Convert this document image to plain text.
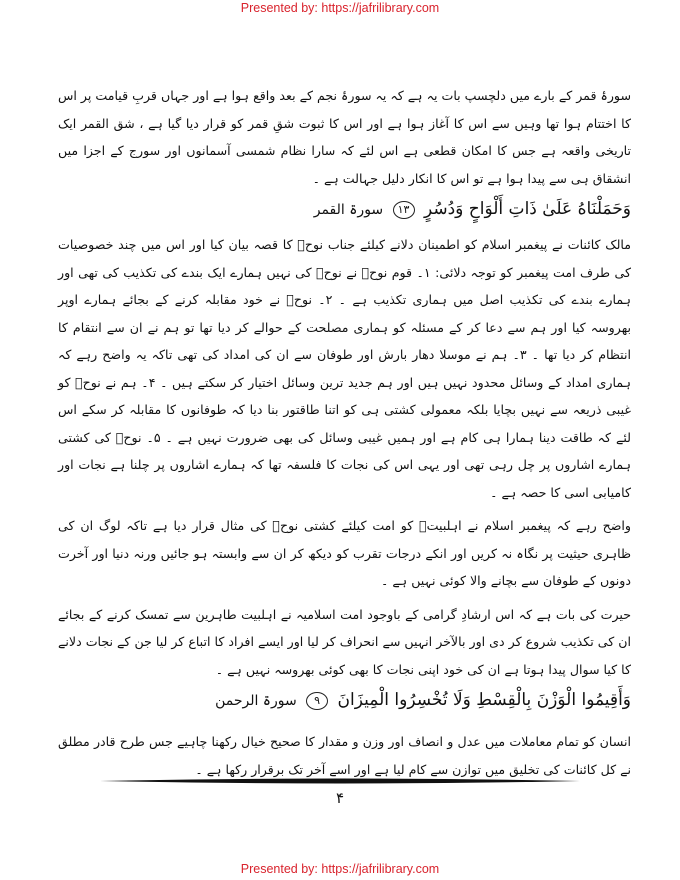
Presented by: https://jafrilibrary.com

سورۂ قمر کے بارے میں دلچسپ بات یہ ہے کہ یہ سورۂ نجم کے بعد واقع ہوا ہے اور جہاں قربِ قیامت پر اس کا اختتام ہوا تھا وہیں سے اس کا آغاز ہوا ہے اور اس کا ثبوت شقِ قمر کو قرار دیا گیا ہے ، شق القمر ایک تاریخی واقعہ ہے جس کا امکان قطعی ہے اس لئے کہ سارا نظام شمسی آسمانوں اور سورج کے اجزا میں انشقاق ہی سے پیدا ہوا ہے تو اس کا انکار دلیل جہالت ہے ۔

وَحَمَلْنَاهُ عَلَىٰ ذَاتِ أَلْوَاحٍ وَدُسُرٍ ١٣ سورۃ القمر

مالک کائنات نے پیغمبر اسلام کو اطمینان دلانے کیلئے جناب نوحؑ کا قصہ بیان کیا اور اس میں چند خصوصیات کی طرف امت پیغمبر کو توجہ دلائی: ۱۔ قوم نوحؑ نے نوحؑ کی نہیں ہمارے ایک بندے کی تکذیب کی تھی اور ہمارے بندے کی تکذیب اصل میں ہماری تکذیب ہے ۔ ۲۔ نوحؑ نے خود مقابلہ کرنے کے بجائے ہمارے اوپر بھروسہ کیا اور ہم سے دعا کر کے مسئلہ کو ہماری مصلحت کے حوالے کر دیا تھا تو ہم نے ان سے انتقام کا انتظام کر دیا تھا ۔ ۳۔ ہم نے موسلا دھار بارش اور طوفان سے ان کی امداد کی تھی تاکہ یہ واضح رہے کہ ہماری امداد کے وسائل محدود نہیں ہیں اور ہم جدید ترین وسائل اختیار کر سکتے ہیں ۔ ۴۔ ہم نے نوحؑ کو غیبی ذریعہ سے نہیں بچایا بلکہ معمولی کشتی ہی کو اتنا طاقتور بنا دیا کہ طوفانوں کا مقابلہ کر سکے اس لئے کہ طاقت دینا ہمارا ہی کام ہے اور ہمیں غیبی وسائل کی بھی ضرورت نہیں ہے ۔ ۵۔ نوحؑ کی کشتی ہمارے اشاروں پر چل رہی تھی اور یہی اس کی نجات کا فلسفہ تھا کہ ہمارے اشاروں پر چلنا ہے نجات اور کامیابی اسی کا حصہ ہے ۔

واضح رہے کہ پیغمبر اسلام نے اہلبیتؑ کو امت کیلئے کشتی نوحؑ کی مثال قرار دیا ہے تاکہ لوگ ان کی ظاہری حیثیت پر نگاہ نہ کریں اور انکے درجات تقرب کو دیکھ کر ان سے وابستہ ہو جائیں ورنہ دنیا اور آخرت دونوں کے طوفان سے بچانے والا کوئی نہیں ہے ۔

حیرت کی بات ہے کہ اس ارشادِ گرامی کے باوجود امت اسلامیہ نے اہلبیت طاہرین سے تمسک کرنے کے بجائے ان کی تکذیب شروع کر دی اور بالآخر انہیں سے انحراف کر لیا اور ایسے افراد کا اتباع کر لیا جن کے نجات دلانے کا کیا سوال پیدا ہوتا ہے ان کی خود اپنی نجات کا بھی کوئی بھروسہ نہیں ہے ۔

وَأَقِيمُوا الْوَزْنَ بِالْقِسْطِ وَلَا تُخْسِرُوا الْمِيزَانَ ٩ سورۃ الرحمن

انسان کو تمام معاملات میں عدل و انصاف اور وزن و مقدار کا صحیح خیال رکھنا چاہیے جس طرح قادر مطلق نے کل کائنات کی تخلیق میں توازن سے کام لیا ہے اور اسے آخر تک برقرار رکھا ہے ۔

۴
Presented by: https://jafrilibrary.com
